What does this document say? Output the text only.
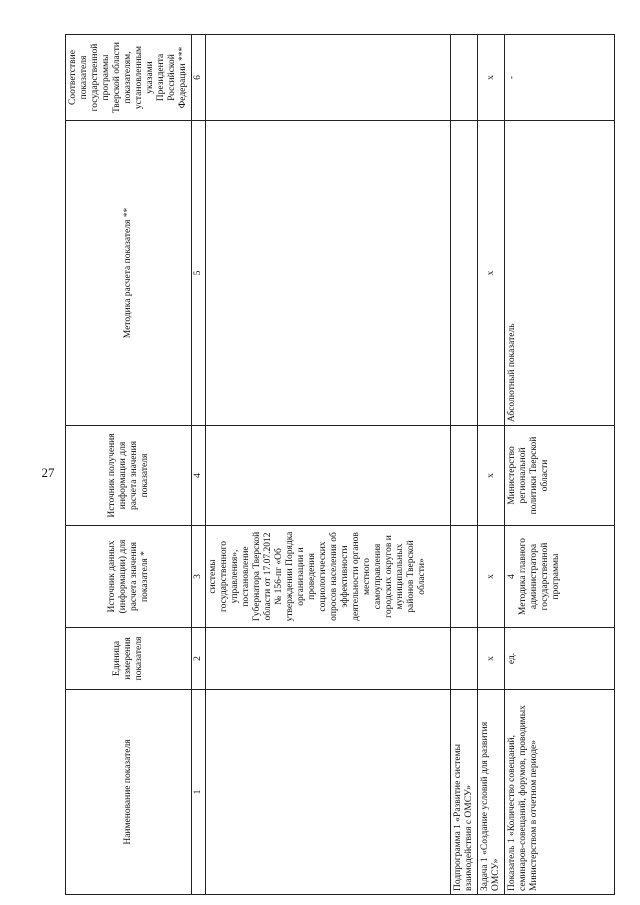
27
Наименование показателя	Единица измерения показателя	Источник данных (информации) для расчета значения показателя *	Источник получения информации для расчета значения показателя	Методика расчета показателя **	Соответствие показателя государственной программы Тверской области показателям, установленным указами Президента Российской Федерации ***
1	2	3	4	5	6
		системы государственного управления», постановление Губернатора Тверской области от 17.07.2012 № 156-пг «Об утверждении Порядка организации и проведения социологических опросов населения об эффективности деятельности органов местного самоуправления городских округов и муниципальных районов Тверской области»			
Подпрограмма 1 «Развитие системы взаимодействия с ОМСУ»					
Задача 1 «Создание условий для развития ОМСУ»	х	х	х	х	х
Показатель 1 «Количество совещаний, семинаров-совещаний, форумов, проводимых Министерством в отчетном периоде»	ед.	4 Методика главного администратора государственной программы	Министерство региональной политики Тверской области	Абсолютный показатель	-
